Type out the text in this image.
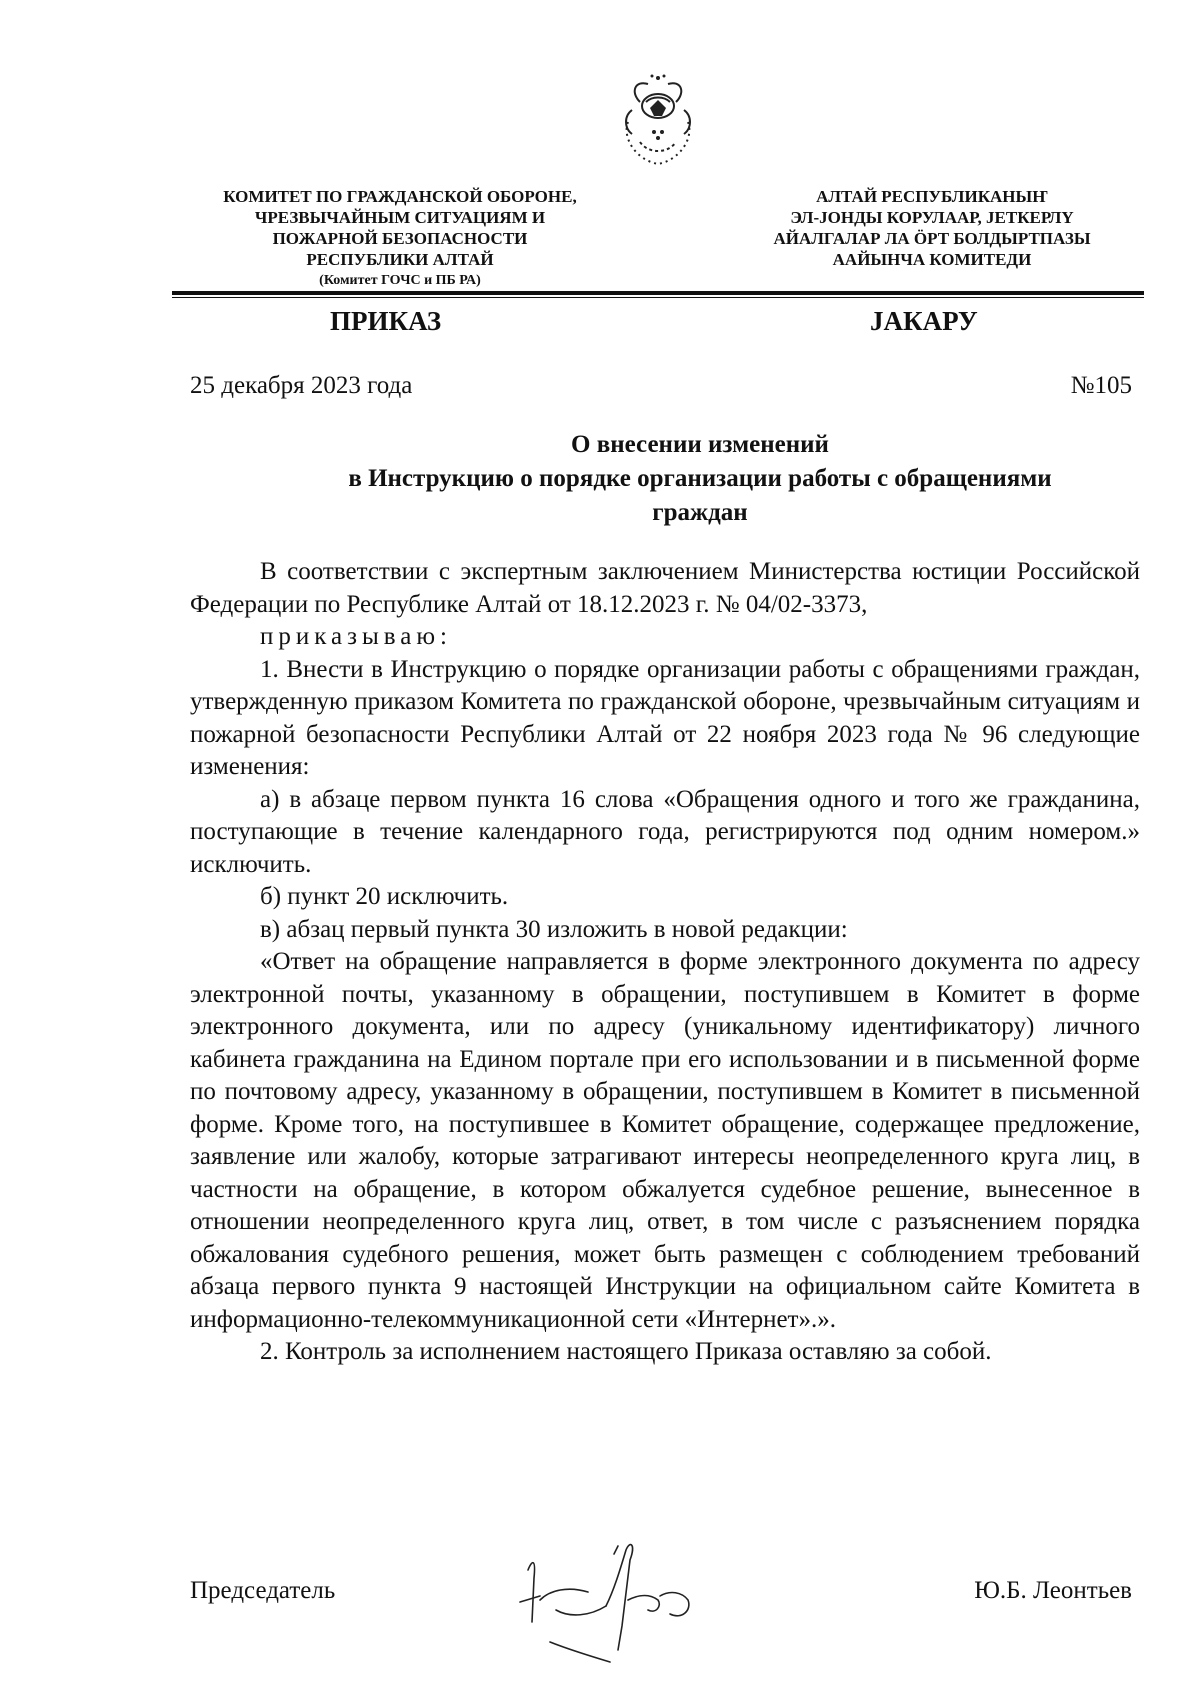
КОМИТЕТ ПО ГРАЖДАНСКОЙ ОБОРОНЕ,
ЧРЕЗВЫЧАЙНЫМ СИТУАЦИЯМ И
ПОЖАРНОЙ БЕЗОПАСНОСТИ
РЕСПУБЛИКИ АЛТАЙ
(Комитет ГОЧС и ПБ РА)
АЛТАЙ РЕСПУБЛИКАНЫҤ
ЭЛ-ЈОНДЫ КОРУЛААР, ЈЕТКЕРЛҮ
АЙАЛГАЛАР ЛА ӦРТ БОЛДЫРТПАЗЫ
ААЙЫНЧА КОМИТЕДИ
ПРИКАЗ	ЈАКАРУ
25 декабря 2023 года	№105
О внесении изменений
в Инструкцию о порядке организации работы с обращениями
граждан

В соответствии с экспертным заключением Министерства юстиции Российской Федерации по Республике Алтай от 18.12.2023 г. № 04/02-3373,

приказываю:

1. Внести в Инструкцию о порядке организации работы с обращениями граждан, утвержденную приказом Комитета по гражданской обороне, чрезвычайным ситуациям и пожарной безопасности Республики Алтай от 22 ноября 2023 года № 96 следующие изменения:

а) в абзаце первом пункта 16 слова «Обращения одного и того же гражданина, поступающие в течение календарного года, регистрируются под одним номером.» исключить.

б) пункт 20 исключить.

в) абзац первый пункта 30 изложить в новой редакции:

«Ответ на обращение направляется в форме электронного документа по адресу электронной почты, указанному в обращении, поступившем в Комитет в форме электронного документа, или по адресу (уникальному идентификатору) личного кабинета гражданина на Едином портале при его использовании и в письменной форме по почтовому адресу, указанному в обращении, поступившем в Комитет в письменной форме. Кроме того, на поступившее в Комитет обращение, содержащее предложение, заявление или жалобу, которые затрагивают интересы неопределенного круга лиц, в частности на обращение, в котором обжалуется судебное решение, вынесенное в отношении неопределенного круга лиц, ответ, в том числе с разъяснением порядка обжалования судебного решения, может быть размещен с соблюдением требований абзаца первого пункта 9 настоящей Инструкции на официальном сайте Комитета в информационно-телекоммуникационной сети «Интернет».».

2. Контроль за исполнением настоящего Приказа оставляю за собой.

Председатель	Ю.Б. Леонтьев
